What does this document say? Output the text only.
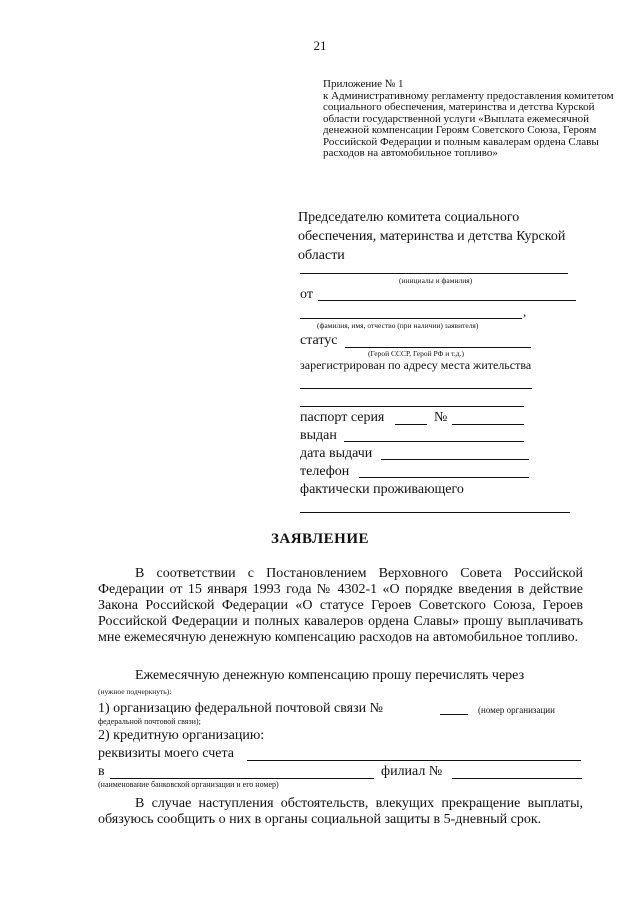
21
Приложение № 1
к Административному регламенту предоставления комитетом социального обеспечения, материнства и детства Курской области государственной услуги «Выплата ежемесячной денежной компенсации Героям Советского Союза, Героям Российской Федерации и полным кавалерам ордена Славы расходов на автомобильное топливо»
Председателю комитета социального обеспечения, материнства и детства Курской области
(инициалы и фамилия)
от
,
(фамилия, имя, отчество (при наличии) заявителя)
статус
(Герой СССР, Герой РФ и т.д.)
зарегистрирован по адресу места жительства
паспорт серия	№
выдан
дата выдачи
телефон
фактически проживающего
ЗАЯВЛЕНИЕ
В соответствии с Постановлением Верховного Совета Российской Федерации от 15 января 1993 года № 4302-1 «О порядке введения в действие Закона Российской Федерации «О статусе Героев Советского Союза, Героев Российской Федерации и полных кавалеров ордена Славы» прошу выплачивать мне ежемесячную денежную компенсацию расходов на автомобильное топливо.
Ежемесячную денежную компенсацию прошу перечислять через
(нужное подчеркнуть):
1) организацию федеральной почтовой связи №	(номер организации
федеральной почтовой связи);
2) кредитную организацию:
реквизиты моего счета
в	филиал №
(наименование банковской организации и его номер)
В случае наступления обстоятельств, влекущих прекращение выплаты, обязуюсь сообщить о них в органы социальной защиты в 5-дневный срок.
